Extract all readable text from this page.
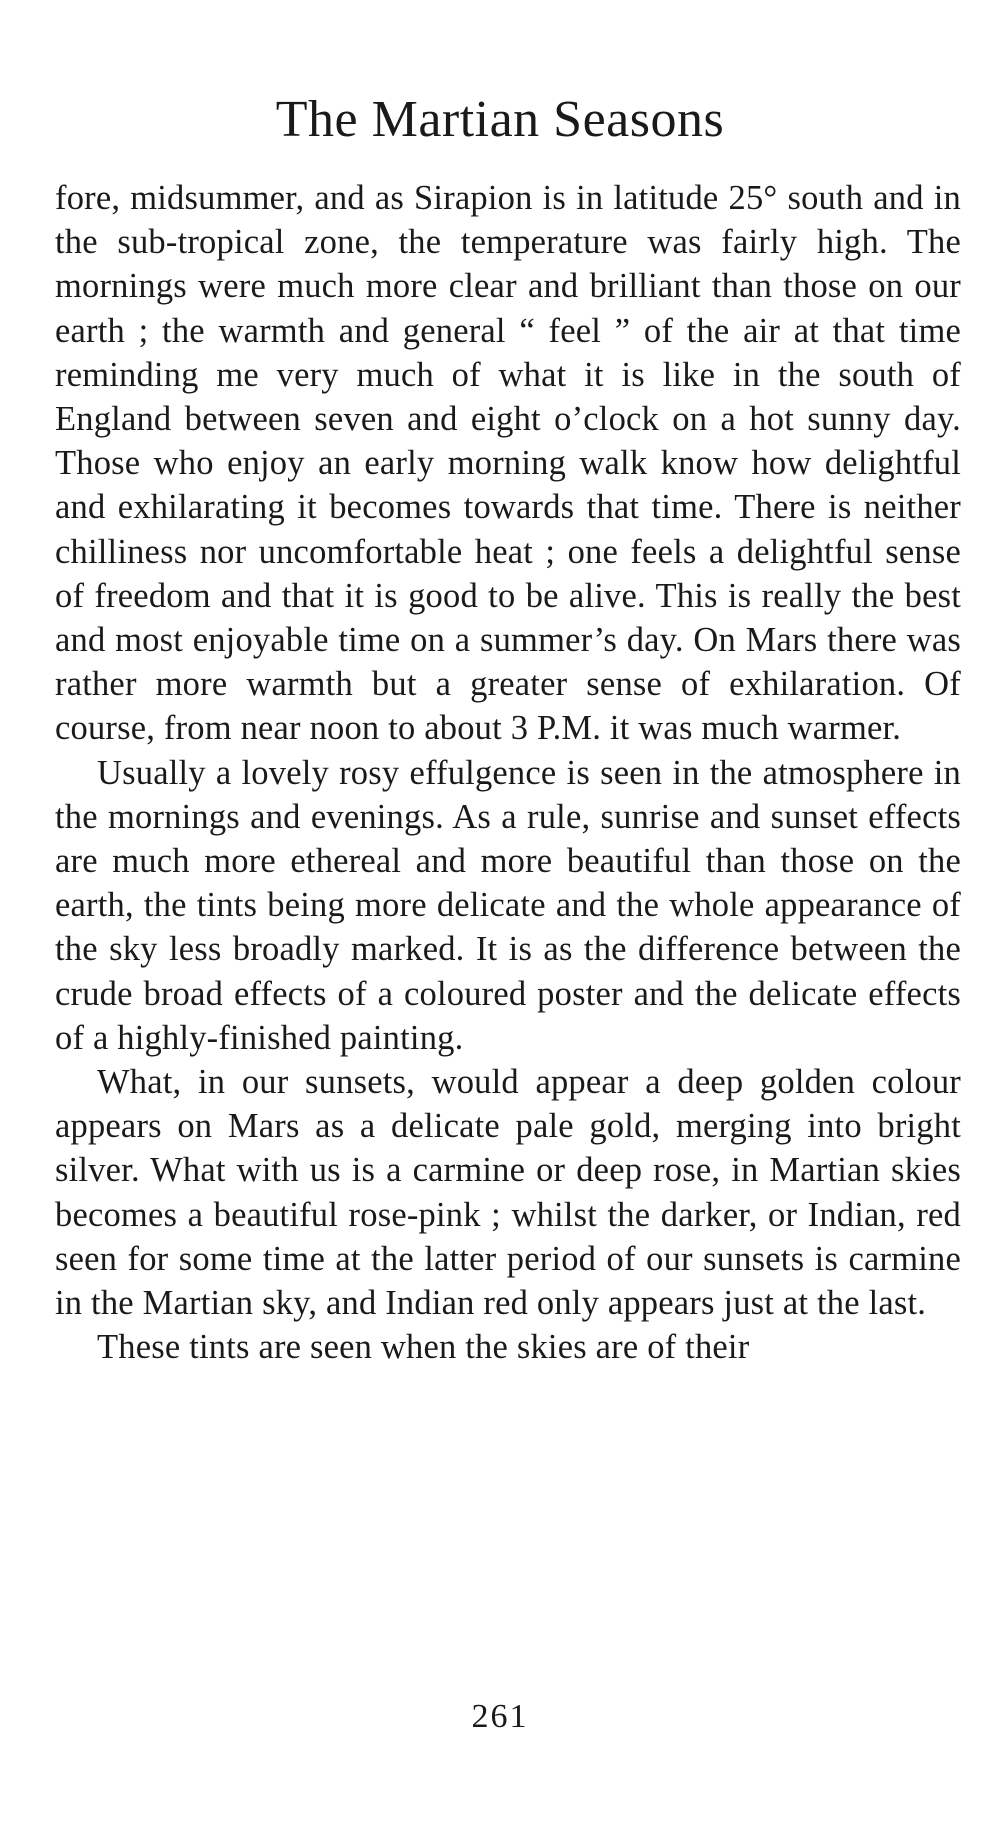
The Martian Seasons

fore, midsummer, and as Sirapion is in latitude 25° south and in the sub-tropical zone, the temperature was fairly high. The mornings were much more clear and brilliant than those on our earth ; the warmth and general “ feel ” of the air at that time reminding me very much of what it is like in the south of England between seven and eight o’clock on a hot sunny day. Those who enjoy an early morning walk know how delightful and exhilarating it becomes towards that time. There is neither chilliness nor uncomfortable heat ; one feels a delightful sense of freedom and that it is good to be alive. This is really the best and most enjoyable time on a summer’s day. On Mars there was rather more warmth but a greater sense of exhilaration. Of course, from near noon to about 3 P.M. it was much warmer.

Usually a lovely rosy effulgence is seen in the atmosphere in the mornings and evenings. As a rule, sunrise and sunset effects are much more ethereal and more beautiful than those on the earth, the tints being more delicate and the whole appearance of the sky less broadly marked. It is as the difference between the crude broad effects of a coloured poster and the delicate effects of a highly-finished painting.

What, in our sunsets, would appear a deep golden colour appears on Mars as a delicate pale gold, merging into bright silver. What with us is a carmine or deep rose, in Martian skies becomes a beautiful rose-pink ; whilst the darker, or Indian, red seen for some time at the latter period of our sunsets is carmine in the Martian sky, and Indian red only appears just at the last.

These tints are seen when the skies are of their

261
